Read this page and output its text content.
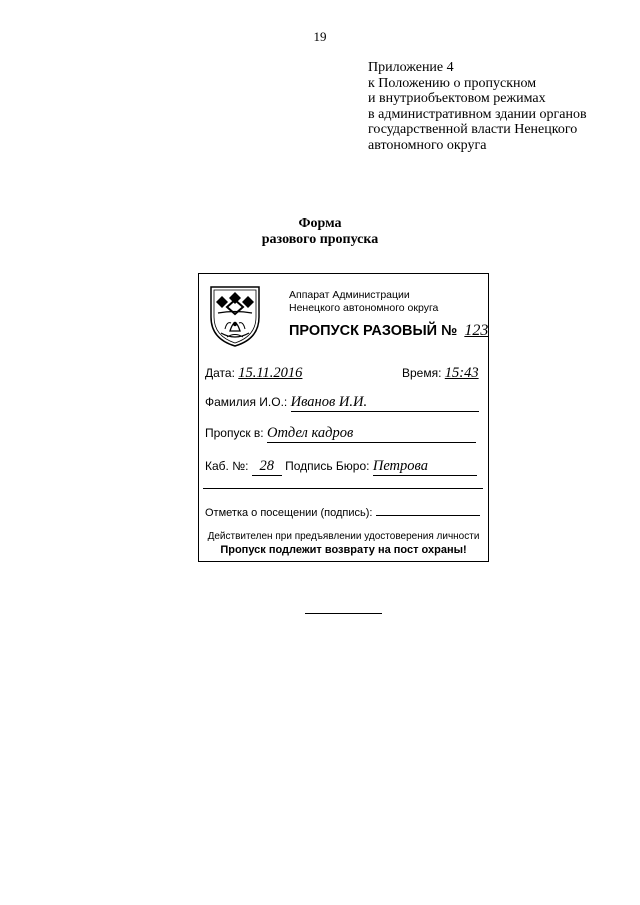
19
Приложение 4
к Положению о пропускном
и внутриобъектовом режимах
в административном здании органов
государственной власти Ненецкого
автономного округа
Форма
разового пропуска
Аппарат Администрации
Ненецкого автономного округа
ПРОПУСК РАЗОВЫЙ № 123
Дата: 15.11.2016	Время: 15:43
Фамилия И.О.: Иванов И.И.
Пропуск в: Отдел кадров
Каб. №: 28 Подпись Бюро: Петрова
Отметка о посещении (подпись):
Действителен при предъявлении удостоверения личности
Пропуск подлежит возврату на пост охраны!
